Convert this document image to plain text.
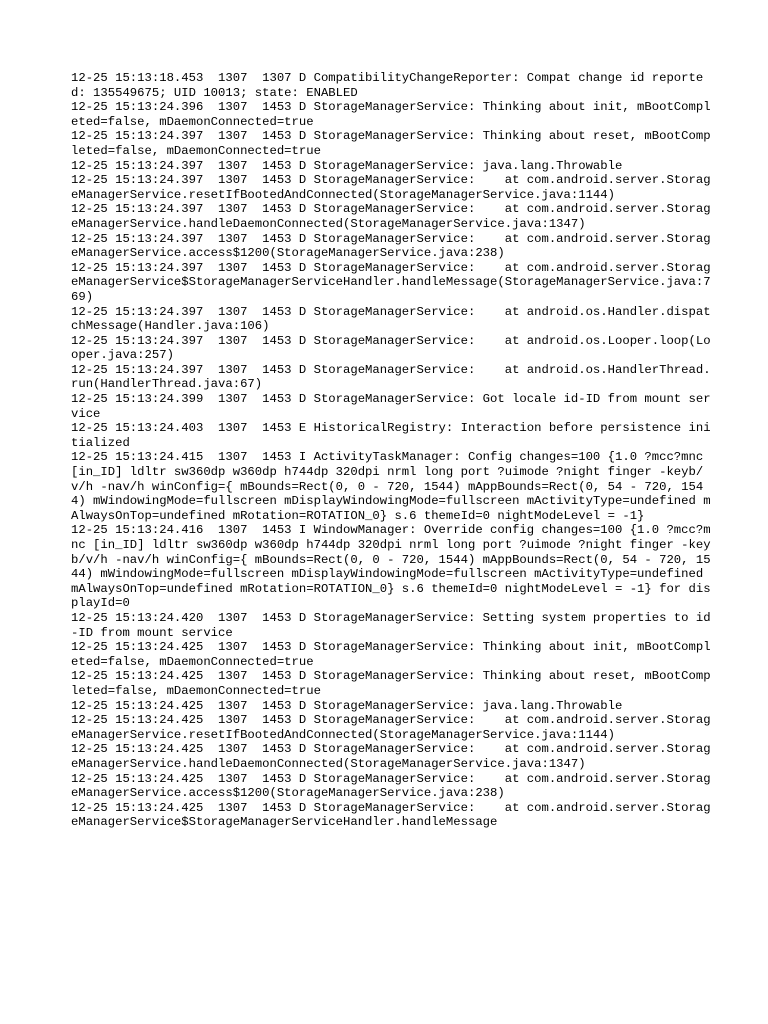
12-25 15:13:18.453  1307  1307 D CompatibilityChangeReporter: Compat change id reported: 135549675; UID 10013; state: ENABLED

12-25 15:13:24.396  1307  1453 D StorageManagerService: Thinking about init, mBootCompleted=false, mDaemonConnected=true

12-25 15:13:24.397  1307  1453 D StorageManagerService: Thinking about reset, mBootCompleted=false, mDaemonConnected=true

12-25 15:13:24.397  1307  1453 D StorageManagerService: java.lang.Throwable

12-25 15:13:24.397  1307  1453 D StorageManagerService:    at com.android.server.StorageManagerService.resetIfBootedAndConnected(StorageManagerService.java:1144)

12-25 15:13:24.397  1307  1453 D StorageManagerService:    at com.android.server.StorageManagerService.handleDaemonConnected(StorageManagerService.java:1347)

12-25 15:13:24.397  1307  1453 D StorageManagerService:    at com.android.server.StorageManagerService.access$1200(StorageManagerService.java:238)

12-25 15:13:24.397  1307  1453 D StorageManagerService:    at com.android.server.StorageManagerService$StorageManagerServiceHandler.handleMessage(StorageManagerService.java:769)

12-25 15:13:24.397  1307  1453 D StorageManagerService:    at android.os.Handler.dispatchMessage(Handler.java:106)

12-25 15:13:24.397  1307  1453 D StorageManagerService:    at android.os.Looper.loop(Looper.java:257)

12-25 15:13:24.397  1307  1453 D StorageManagerService:    at android.os.HandlerThread.run(HandlerThread.java:67)

12-25 15:13:24.399  1307  1453 D StorageManagerService: Got locale id-ID from mount service

12-25 15:13:24.403  1307  1453 E HistoricalRegistry: Interaction before persistence initialized

12-25 15:13:24.415  1307  1453 I ActivityTaskManager: Config changes=100 {1.0 ?mcc?mnc [in_ID] ldltr sw360dp w360dp h744dp 320dpi nrml long port ?uimode ?night finger -keyb/v/h -nav/h winConfig={ mBounds=Rect(0, 0 - 720, 1544) mAppBounds=Rect(0, 54 - 720, 1544) mWindowingMode=fullscreen mDisplayWindowingMode=fullscreen mActivityType=undefined mAlwaysOnTop=undefined mRotation=ROTATION_0} s.6 themeId=0 nightModeLevel = -1}

12-25 15:13:24.416  1307  1453 I WindowManager: Override config changes=100 {1.0 ?mcc?mnc [in_ID] ldltr sw360dp w360dp h744dp 320dpi nrml long port ?uimode ?night finger -keyb/v/h -nav/h winConfig={ mBounds=Rect(0, 0 - 720, 1544) mAppBounds=Rect(0, 54 - 720, 1544) mWindowingMode=fullscreen mDisplayWindowingMode=fullscreen mActivityType=undefined mAlwaysOnTop=undefined mRotation=ROTATION_0} s.6 themeId=0 nightModeLevel = -1} for displayId=0

12-25 15:13:24.420  1307  1453 D StorageManagerService: Setting system properties to id-ID from mount service

12-25 15:13:24.425  1307  1453 D StorageManagerService: Thinking about init, mBootCompleted=false, mDaemonConnected=true

12-25 15:13:24.425  1307  1453 D StorageManagerService: Thinking about reset, mBootCompleted=false, mDaemonConnected=true

12-25 15:13:24.425  1307  1453 D StorageManagerService: java.lang.Throwable

12-25 15:13:24.425  1307  1453 D StorageManagerService:    at com.android.server.StorageManagerService.resetIfBootedAndConnected(StorageManagerService.java:1144)

12-25 15:13:24.425  1307  1453 D StorageManagerService:    at com.android.server.StorageManagerService.handleDaemonConnected(StorageManagerService.java:1347)

12-25 15:13:24.425  1307  1453 D StorageManagerService:    at com.android.server.StorageManagerService.access$1200(StorageManagerService.java:238)

12-25 15:13:24.425  1307  1453 D StorageManagerService:    at com.android.server.StorageManagerService$StorageManagerServiceHandler.handleMessage
